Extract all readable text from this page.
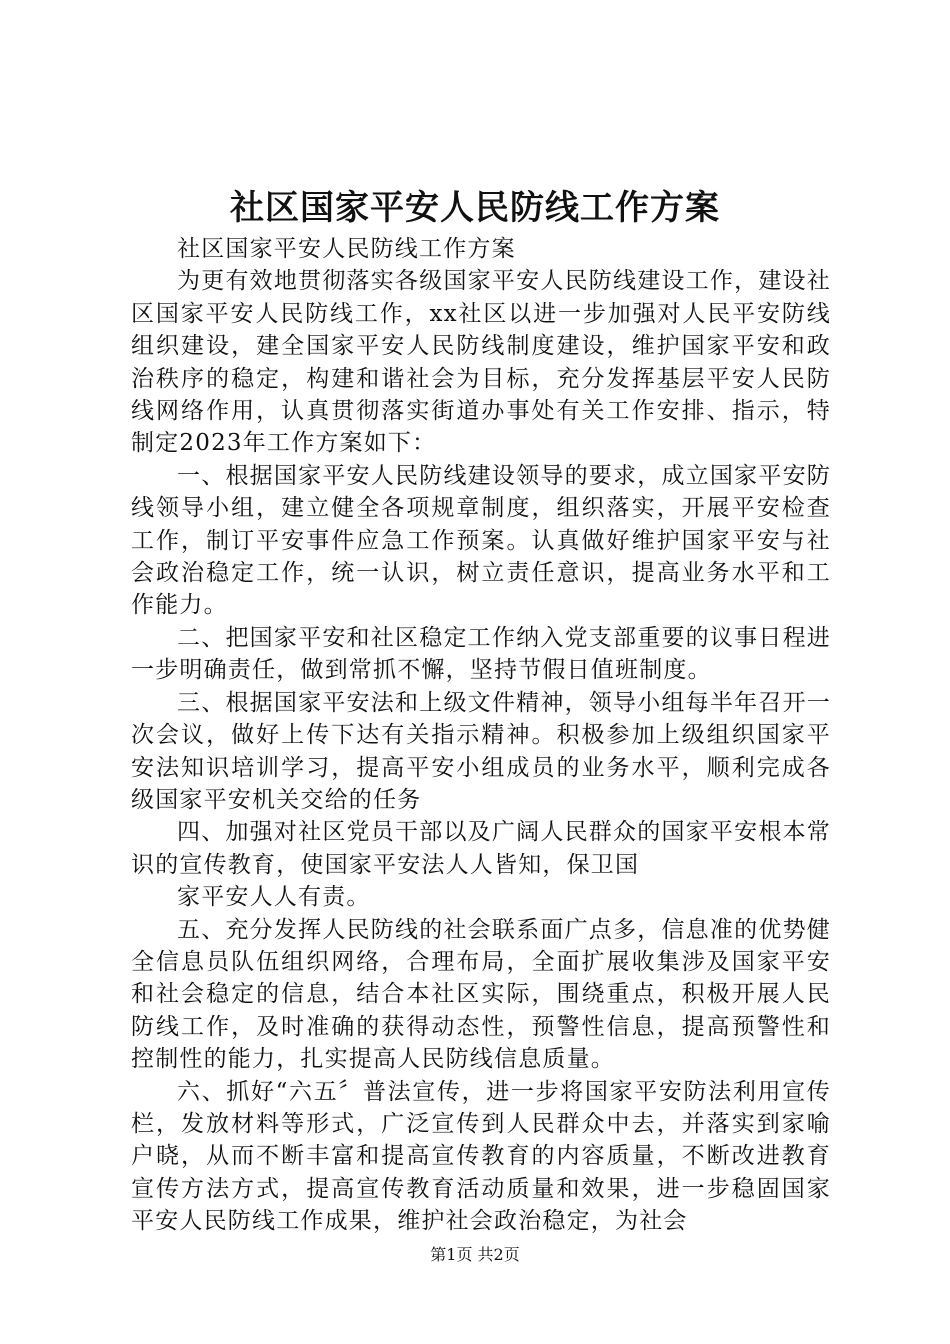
社区国家平安人民防线工作方案

社区国家平安人民防线工作方案

为更有效地贯彻落实各级国家平安人民防线建设工作，建设社区国家平安人民防线工作，xx社区以进一步加强对人民平安防线组织建设，建全国家平安人民防线制度建设，维护国家平安和政治秩序的稳定，构建和谐社会为目标，充分发挥基层平安人民防线网络作用，认真贯彻落实街道办事处有关工作安排、指示，特制定2023年工作方案如下：

一、根据国家平安人民防线建设领导的要求，成立国家平安防线领导小组，建立健全各项规章制度，组织落实，开展平安检查工作，制订平安事件应急工作预案。认真做好维护国家平安与社会政治稳定工作，统一认识，树立责任意识，提高业务水平和工作能力。

二、把国家平安和社区稳定工作纳入党支部重要的议事日程进一步明确责任，做到常抓不懈，坚持节假日值班制度。

三、根据国家平安法和上级文件精神，领导小组每半年召开一次会议，做好上传下达有关指示精神。积极参加上级组织国家平安法知识培训学习，提高平安小组成员的业务水平，顺利完成各级国家平安机关交给的任务

四、加强对社区党员干部以及广阔人民群众的国家平安根本常识的宣传教育，使国家平安法人人皆知，保卫国

家平安人人有责。

五、充分发挥人民防线的社会联系面广点多，信息准的优势健全信息员队伍组织网络，合理布局，全面扩展收集涉及国家平安和社会稳定的信息，结合本社区实际，围绕重点，积极开展人民防线工作，及时准确的获得动态性，预警性信息，提高预警性和控制性的能力，扎实提高人民防线信息质量。

六、抓好“六五〞普法宣传，进一步将国家平安防法利用宣传栏，发放材料等形式，广泛宣传到人民群众中去，并落实到家喻户晓，从而不断丰富和提高宣传教育的内容质量，不断改进教育宣传方法方式，提高宣传教育活动质量和效果，进一步稳固国家平安人民防线工作成果，维护社会政治稳定，为社会

第1页 共2页
